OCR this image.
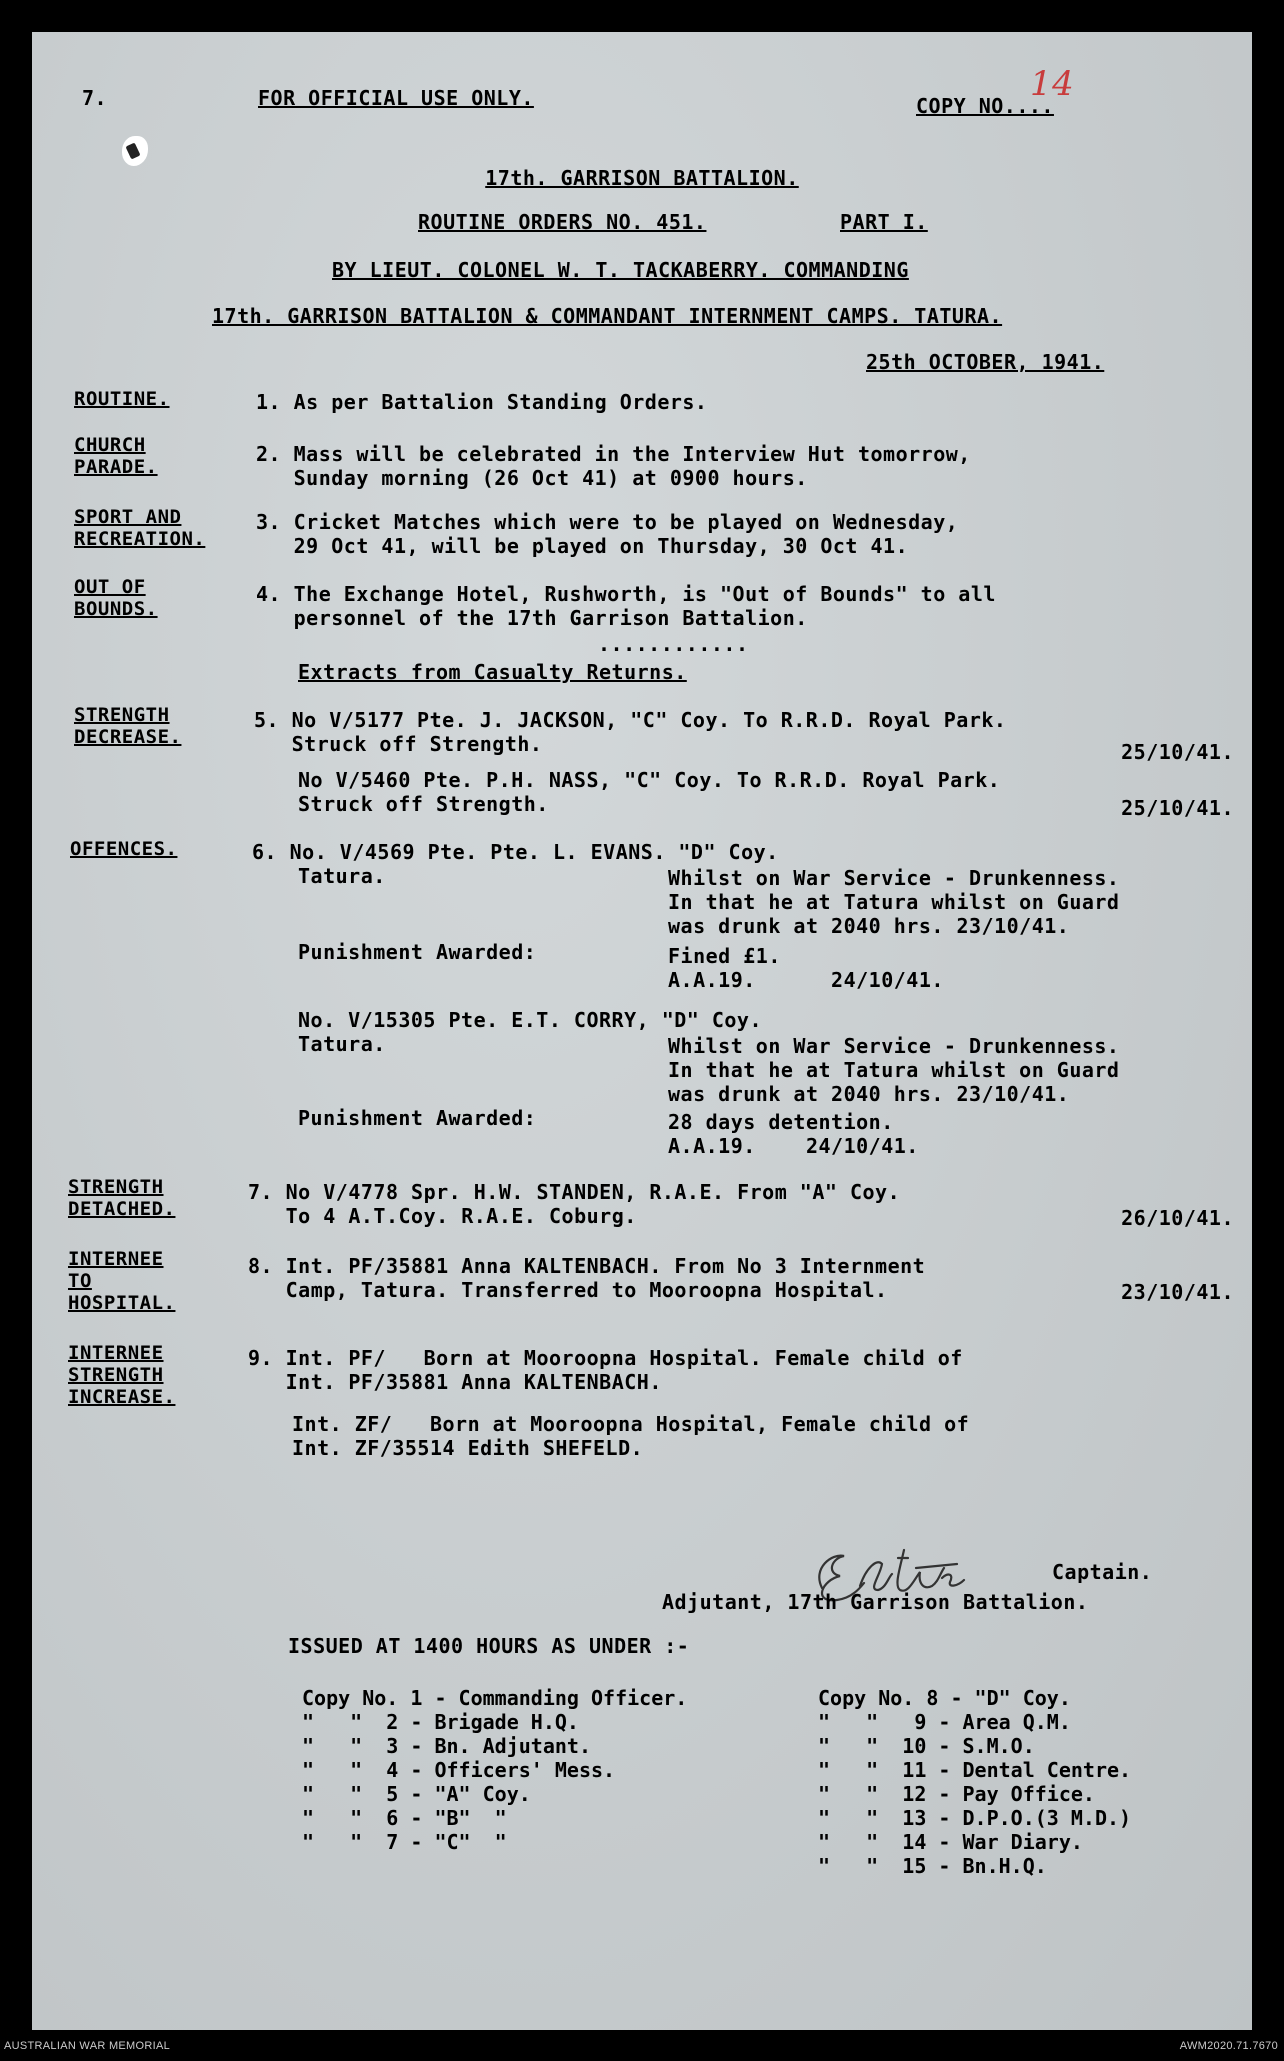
7.	FOR OFFICIAL USE ONLY.	COPY NO....
14
17th. GARRISON BATTALION.
ROUTINE ORDERS NO. 451.	PART I.
BY LIEUT. COLONEL W. T. TACKABERRY. COMMANDING
17th. GARRISON BATTALION & COMMANDANT INTERNMENT CAMPS. TATURA.
25th OCTOBER, 1941.
ROUTINE.	1. As per Battalion Standing Orders.
CHURCH
PARADE.
2. Mass will be celebrated in the Interview Hut tomorrow,
Sunday morning (26 Oct 41) at 0900 hours.
SPORT AND
RECREATION.
3. Cricket Matches which were to be played on Wednesday,
29 Oct 41, will be played on Thursday, 30 Oct 41.
OUT OF
BOUNDS.
4. The Exchange Hotel, Rushworth, is "Out of Bounds" to all
personnel of the 17th Garrison Battalion.
............
Extracts from Casualty Returns.
STRENGTH
DECREASE.
5. No V/5177 Pte. J. JACKSON, "C" Coy. To R.R.D. Royal Park.
Struck off Strength.	25/10/41.
No V/5460 Pte. P.H. NASS, "C" Coy. To R.R.D. Royal Park.
Struck off Strength.	25/10/41.
OFFENCES.	6. No. V/4569 Pte. Pte. L. EVANS. "D" Coy.
Tatura.	Whilst on War Service - Drunkenness.
In that he at Tatura whilst on Guard
was drunk at 2040 hrs. 23/10/41.
Punishment Awarded:	Fined £1.
A.A.19.      24/10/41.
No. V/15305 Pte. E.T. CORRY, "D" Coy.
Tatura.	Whilst on War Service - Drunkenness.
In that he at Tatura whilst on Guard
was drunk at 2040 hrs. 23/10/41.
Punishment Awarded:	28 days detention.
A.A.19.    24/10/41.
STRENGTH
DETACHED.
7. No V/4778 Spr. H.W. STANDEN, R.A.E. From "A" Coy.
To 4 A.T.Coy. R.A.E. Coburg.	26/10/41.
INTERNEE
TO
HOSPITAL.
8. Int. PF/35881 Anna KALTENBACH. From No 3 Internment
Camp, Tatura. Transferred to Mooroopna Hospital.	23/10/41.
INTERNEE
STRENGTH
INCREASE.
9. Int. PF/   Born at Mooroopna Hospital. Female child of
Int. PF/35881 Anna KALTENBACH.
Int. ZF/   Born at Mooroopna Hospital, Female child of
Int. ZF/35514 Edith SHEFELD.
Captain.
Adjutant, 17th Garrison Battalion.
ISSUED AT 1400 HOURS AS UNDER :-
Copy No. 1 - Commanding Officer.
"   "  2 - Brigade H.Q.
"   "  3 - Bn. Adjutant.
"   "  4 - Officers' Mess.
"   "  5 - "A" Coy.
"   "  6 - "B"  "
"   "  7 - "C"  "
Copy No. 8 - "D" Coy.
"   "   9 - Area Q.M.
"   "  10 - S.M.O.
"   "  11 - Dental Centre.
"   "  12 - Pay Office.
"   "  13 - D.P.O.(3 M.D.)
"   "  14 - War Diary.
"   "  15 - Bn.H.Q.
AUSTRALIAN WAR MEMORIAL	AWM2020.71.7670
